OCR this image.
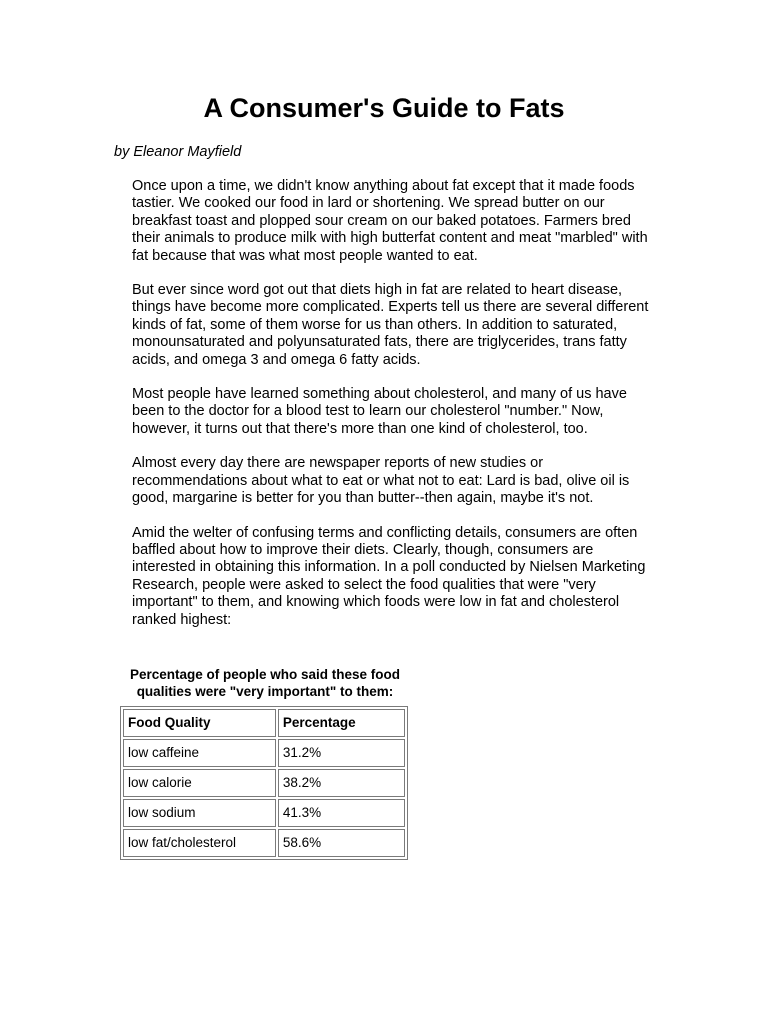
A Consumer's Guide to Fats

by Eleanor Mayfield

Once upon a time, we didn't know anything about fat except that it made foods tastier. We cooked our food in lard or shortening. We spread butter on our breakfast toast and plopped sour cream on our baked potatoes. Farmers bred their animals to produce milk with high butterfat content and meat "marbled" with fat because that was what most people wanted to eat.

But ever since word got out that diets high in fat are related to heart disease, things have become more complicated. Experts tell us there are several different kinds of fat, some of them worse for us than others. In addition to saturated, monounsaturated and polyunsaturated fats, there are triglycerides, trans fatty acids, and omega 3 and omega 6 fatty acids.

Most people have learned something about cholesterol, and many of us have been to the doctor for a blood test to learn our cholesterol "number." Now, however, it turns out that there's more than one kind of cholesterol, too.

Almost every day there are newspaper reports of new studies or recommendations about what to eat or what not to eat: Lard is bad, olive oil is good, margarine is better for you than butter--then again, maybe it's not.

Amid the welter of confusing terms and conflicting details, consumers are often baffled about how to improve their diets. Clearly, though, consumers are interested in obtaining this information. In a poll conducted by Nielsen Marketing Research, people were asked to select the food qualities that were "very important" to them, and knowing which foods were low in fat and cholesterol ranked highest:

Percentage of people who said these food qualities were "very important" to them:

Food Quality	Percentage
low caffeine	31.2%
low calorie	38.2%
low sodium	41.3%
low fat/cholesterol	58.6%
